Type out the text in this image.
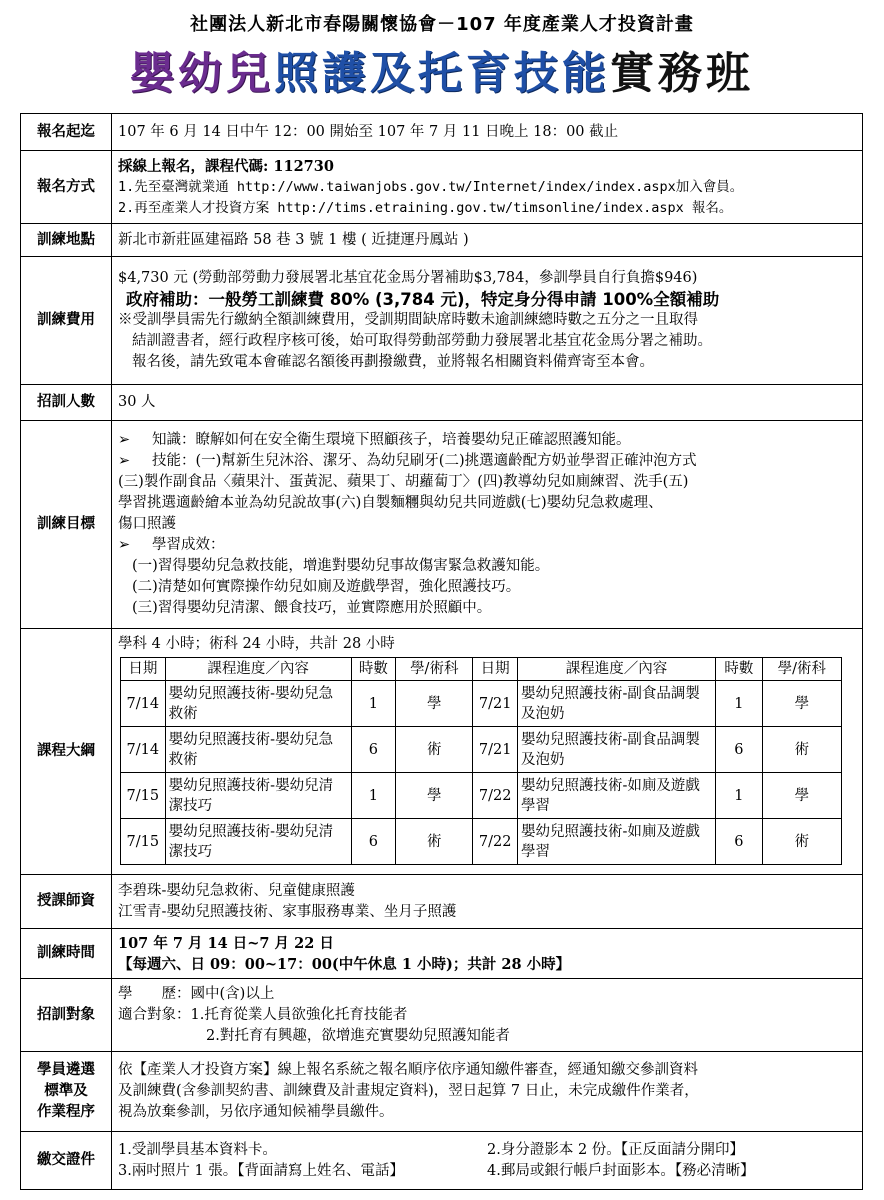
社團法人新北市春陽關懷協會－107 年度產業人才投資計畫
嬰幼兒照護及托育技能實務班
報名起迄	107 年 6 月 14 日中午 12：00 開始至 107 年 7 月 11 日晚上 18：00 截止
報名方式	
採線上報名，課程代碼: 112730
1.先至臺灣就業通 http://www.taiwanjobs.gov.tw/Internet/index/index.aspx加入會員。
2.再至產業人才投資方案 http://tims.etraining.gov.tw/timsonline/index.aspx 報名。

訓練地點	新北市新莊區建福路 58 巷 3 號 1 樓 ( 近捷運丹鳳站 )
訓練費用	
$4,730 元 (勞動部勞動力發展署北基宜花金馬分署補助$3,784，參訓學員自行負擔$946)
政府補助：一般勞工訓練費 80% (3,784 元)，特定身分得申請 100%全額補助
※受訓學員需先行繳納全額訓練費用，受訓期間缺席時數未逾訓練總時數之五分之一且取得
結訓證書者，經行政程序核可後，始可取得勞動部勞動力發展署北基宜花金馬分署之補助。
報名後，請先致電本會確認名額後再劃撥繳費，並將報名相關資料備齊寄至本會。

招訓人數	30 人
訓練目標	
➢	知識：瞭解如何在安全衛生環境下照顧孩子，培養嬰幼兒正確認照護知能。
➢	技能：(一)幫新生兒沐浴、潔牙、為幼兒刷牙(二)挑選適齡配方奶並學習正確沖泡方式
(三)製作副食品〈蘋果汁、蛋黃泥、蘋果丁、胡蘿蔔丁〉(四)教導幼兒如廁練習、洗手(五)
學習挑選適齡繪本並為幼兒說故事(六)自製麵糰與幼兒共同遊戲(七)嬰幼兒急救處理、
傷口照護
➢	學習成效：
(一)習得嬰幼兒急救技能，增進對嬰幼兒事故傷害緊急救護知能。
(二)清楚如何實際操作幼兒如廁及遊戲學習，強化照護技巧。
(三)習得嬰幼兒清潔、餵食技巧，並實際應用於照顧中。

課程大綱	
學科 4 小時；術科 24 小時，共計 28 小時
日期	課程進度／內容	時數	學/術科	日期	課程進度／內容	時數	學/術科
7/14	嬰幼兒照護技術-嬰幼兒急救術	1	學	7/21	嬰幼兒照護技術-副食品調製及泡奶	1	學
7/14	嬰幼兒照護技術-嬰幼兒急救術	6	術	7/21	嬰幼兒照護技術-副食品調製及泡奶	6	術
7/15	嬰幼兒照護技術-嬰幼兒清潔技巧	1	學	7/22	嬰幼兒照護技術-如廁及遊戲學習	1	學
7/15	嬰幼兒照護技術-嬰幼兒清潔技巧	6	術	7/22	嬰幼兒照護技術-如廁及遊戲學習	6	術

授課師資	
李碧珠-嬰幼兒急救術、兒童健康照護
江雪青-嬰幼兒照護技術、家事服務專業、坐月子照護

訓練時間	
107 年 7 月 14 日~7 月 22 日
【每週六、日 09：00~17：00(中午休息 1 小時)；共計 28 小時】

招訓對象	
學　　歷：國中(含)以上
適合對象：1.托育從業人員欲強化托育技能者
2.對托育有興趣，欲增進充實嬰幼兒照護知能者

學員遴選
標準及
作業程序

依【產業人才投資方案】線上報名系統之報名順序依序通知繳件審查，經通知繳交參訓資料
及訓練費(含參訓契約書、訓練費及計畫規定資料)，翌日起算 7 日止，未完成繳件作業者，
視為放棄參訓，另依序通知候補學員繳件。

繳交證件	
1.受訓學員基本資料卡。	2.身分證影本 2 份。【正反面請分開印】
3.兩吋照片 1 張。【背面請寫上姓名、電話】	4.郵局或銀行帳戶封面影本。【務必清晰】
